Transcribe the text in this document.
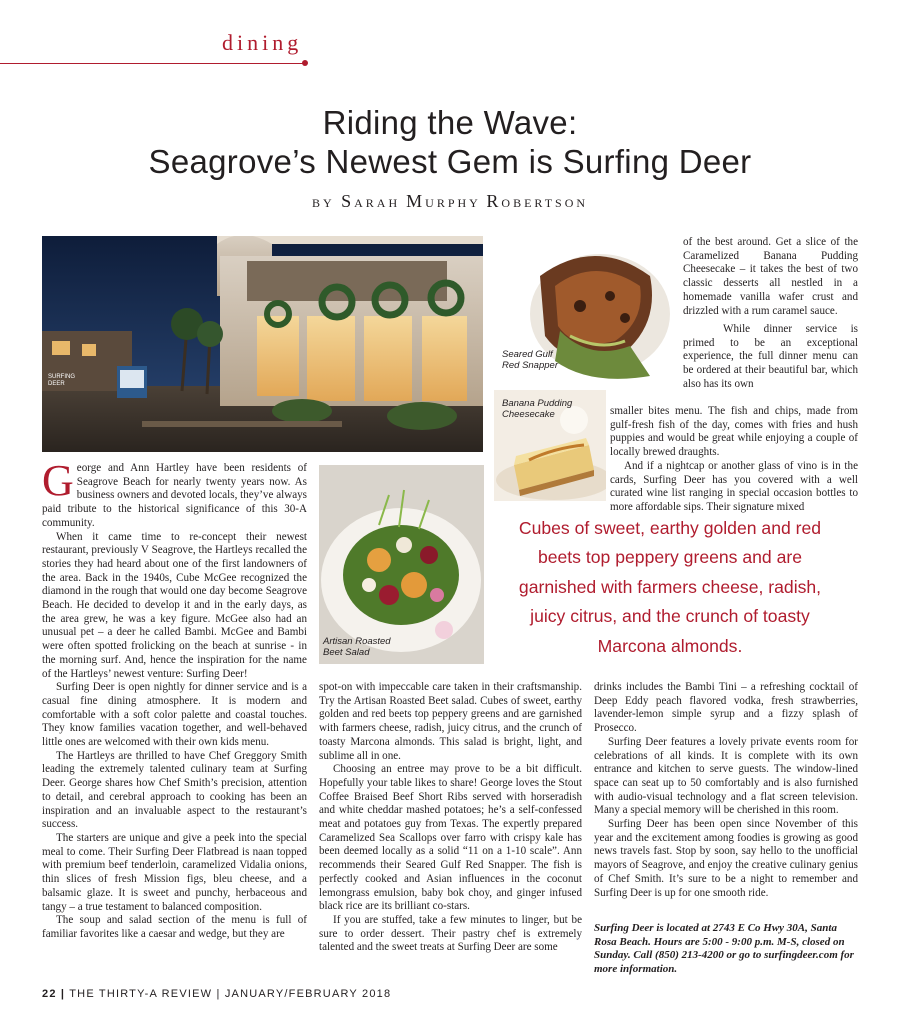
dining
Riding the Wave:
Seagrove’s Newest Gem is Surfing Deer
BY SARAH MURPHY ROBERTSON
SURFING
DEER
Seared Gulf
Red Snapper
Banana Pudding
Cheesecake
Artisan Roasted
Beet Salad

George and Ann Hartley have been residents of Seagrove Beach for nearly twenty years now. As business owners and devoted locals, they’ve always paid tribute to the historical significance of this 30-A community.

When it came time to re-concept their newest restaurant, previously V Seagrove, the Hartleys recalled the stories they had heard about one of the first landowners of the area. Back in the 1940s, Cube McGee recognized the diamond in the rough that would one day become Seagrove Beach. He decided to develop it and in the early days, as the area grew, he was a key figure. McGee also had an unusual pet – a deer he called Bambi. McGee and Bambi were often spotted frolicking on the beach at sunrise - in the morning surf. And, hence the inspiration for the name of the Hartleys’ newest venture: Surfing Deer!

Surfing Deer is open nightly for dinner service and is a casual fine dining atmosphere. It is modern and comfortable with a soft color palette and coastal touches. They know families vacation together, and well-behaved little ones are welcomed with their own kids menu.

The Hartleys are thrilled to have Chef Greggory Smith leading the extremely talented culinary team at Surfing Deer. George shares how Chef Smith’s precision, attention to detail, and cerebral approach to cooking has been an inspiration and an invaluable aspect to the restaurant’s success.

The starters are unique and give a peek into the special meal to come. Their Surfing Deer Flatbread is naan topped with premium beef tenderloin, caramelized Vidalia onions, thin slices of fresh Mission figs, bleu cheese, and a balsamic glaze. It is sweet and punchy, herbaceous and tangy – a true testament to balanced composition.

The soup and salad section of the menu is full of familiar favorites like a caesar and wedge, but they are

spot-on with impeccable care taken in their craftsmanship. Try the Artisan Roasted Beet salad. Cubes of sweet, earthy golden and red beets top peppery greens and are garnished with farmers cheese, radish, juicy citrus, and the crunch of toasty Marcona almonds. This salad is bright, light, and sublime all in one.

Choosing an entree may prove to be a bit difficult. Hopefully your table likes to share! George loves the Stout Coffee Braised Beef Short Ribs served with horseradish and white cheddar mashed potatoes; he’s a self-confessed meat and potatoes guy from Texas. The expertly prepared Caramelized Sea Scallops over farro with crispy kale has been deemed locally as a solid “11 on a 1-10 scale”. Ann recommends their Seared Gulf Red Snapper. The fish is perfectly cooked and Asian influences in the coconut lemongrass emulsion, baby bok choy, and ginger infused black rice are its brilliant co-stars.

If you are stuffed, take a few minutes to linger, but be sure to order dessert. Their pastry chef is extremely talented and the sweet treats at Surfing Deer are some

of the best around. Get a slice of the Caramelized Banana Pudding Cheesecake – it takes the best of two classic desserts all nestled in a homemade vanilla wafer crust and drizzled with a rum caramel sauce.

While dinner service is primed to be an exceptional experience, the full dinner menu can be ordered at their beautiful bar, which also has its own

smaller bites menu. The fish and chips, made from gulf-fresh fish of the day, comes with fries and hush puppies and would be great while enjoying a couple of locally brewed draughts.

And if a nightcap or another glass of vino is in the cards, Surfing Deer has you covered with a well curated wine list ranging in special occasion bottles to more affordable sips. Their signature mixed

Cubes of sweet, earthy golden and red beets top peppery greens and are garnished with farmers cheese, radish, juicy citrus, and the crunch of toasty Marcona almonds.

drinks includes the Bambi Tini – a refreshing cocktail of Deep Eddy peach flavored vodka, fresh strawberries, lavender-lemon simple syrup and a fizzy splash of Prosecco.

Surfing Deer features a lovely private events room for celebrations of all kinds. It is complete with its own entrance and kitchen to serve guests. The window-lined space can seat up to 50 comfortably and is also furnished with audio-visual technology and a flat screen television. Many a special memory will be cherished in this room.

Surfing Deer has been open since November of this year and the excitement among foodies is growing as good news travels fast. Stop by soon, say hello to the unofficial mayors of Seagrove, and enjoy the creative culinary genius of Chef Smith. It’s sure to be a night to remember and Surfing Deer is up for one smooth ride.

Surfing Deer is located at 2743 E Co Hwy 30A, Santa Rosa Beach. Hours are 5:00 - 9:00 p.m. M-S, closed on Sunday. Call (850) 213-4200 or go to surfingdeer.com for more information.
22 | THE THIRTY-A REVIEW | JANUARY/FEBRUARY 2018
